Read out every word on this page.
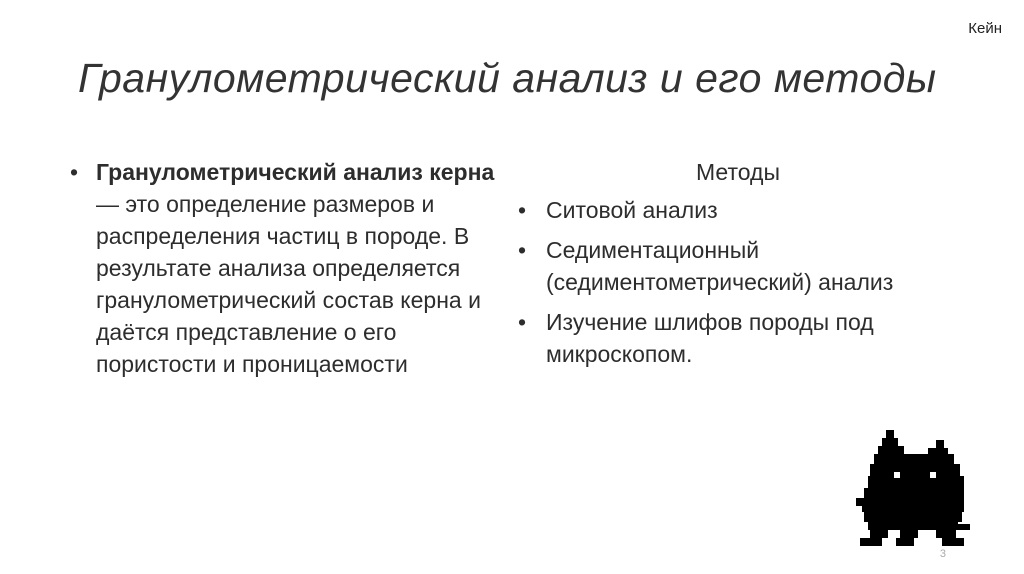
Кейн
Гранулометрический анализ и его методы
• Гранулометрический анализ керна — это определение размеров и распределения частиц в породе. В результате анализа определяется гранулометрический состав керна и даётся представление о его пористости и проницаемости
Методы
• Ситовой анализ
• Седиментационный (седиментометрический) анализ
• Изучение шлифов породы под микроскопом.
3
